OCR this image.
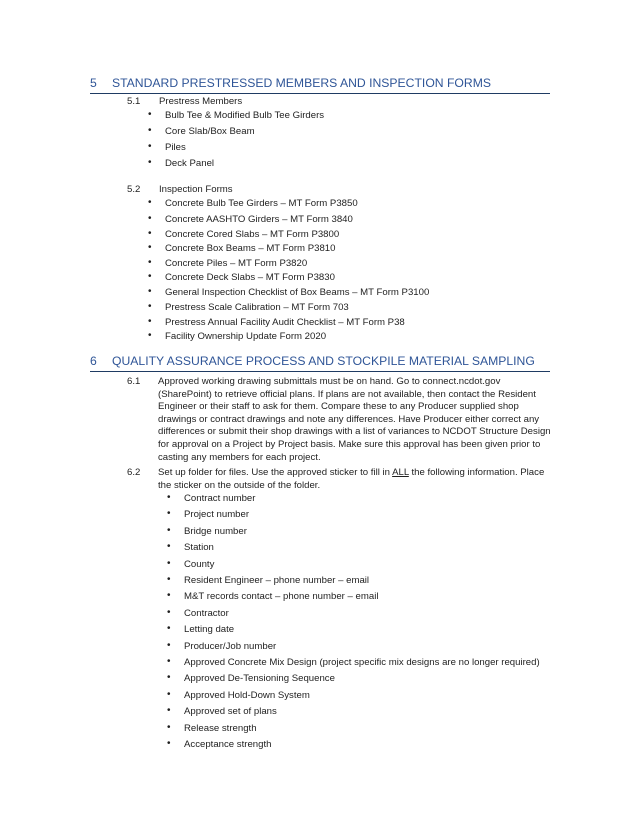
5 STANDARD PRESTRESSED MEMBERS AND INSPECTION FORMS
5.1 Prestress Members
• Bulb Tee & Modified Bulb Tee Girders
• Core Slab/Box Beam
• Piles
• Deck Panel
5.2 Inspection Forms
• Concrete Bulb Tee Girders – MT Form P3850
• Concrete AASHTO Girders – MT Form 3840
• Concrete Cored Slabs – MT Form P3800
• Concrete Box Beams – MT Form P3810
• Concrete Piles – MT Form P3820
• Concrete Deck Slabs – MT Form P3830
• General Inspection Checklist of Box Beams – MT Form P3100
• Prestress Scale Calibration – MT Form 703
• Prestress Annual Facility Audit Checklist – MT Form P38
• Facility Ownership Update Form 2020
6 QUALITY ASSURANCE PROCESS AND STOCKPILE MATERIAL SAMPLING
6.1 Approved working drawing submittals must be on hand. Go to connect.ncdot.gov
(SharePoint) to retrieve official plans. If plans are not available, then contact the Resident
Engineer or their staff to ask for them. Compare these to any Producer supplied shop
drawings or contract drawings and note any differences. Have Producer either correct any
differences or submit their shop drawings with a list of variances to NCDOT Structure Design
for approval on a Project by Project basis. Make sure this approval has been given prior to
casting any members for each project.
6.2 Set up folder for files. Use the approved sticker to fill in ALL the following information. Place
the sticker on the outside of the folder.
• Contract number
• Project number
• Bridge number
• Station
• County
• Resident Engineer – phone number – email
• M&T records contact – phone number – email
• Contractor
• Letting date
• Producer/Job number
• Approved Concrete Mix Design (project specific mix designs are no longer required)
• Approved De-Tensioning Sequence
• Approved Hold-Down System
• Approved set of plans
• Release strength
• Acceptance strength
